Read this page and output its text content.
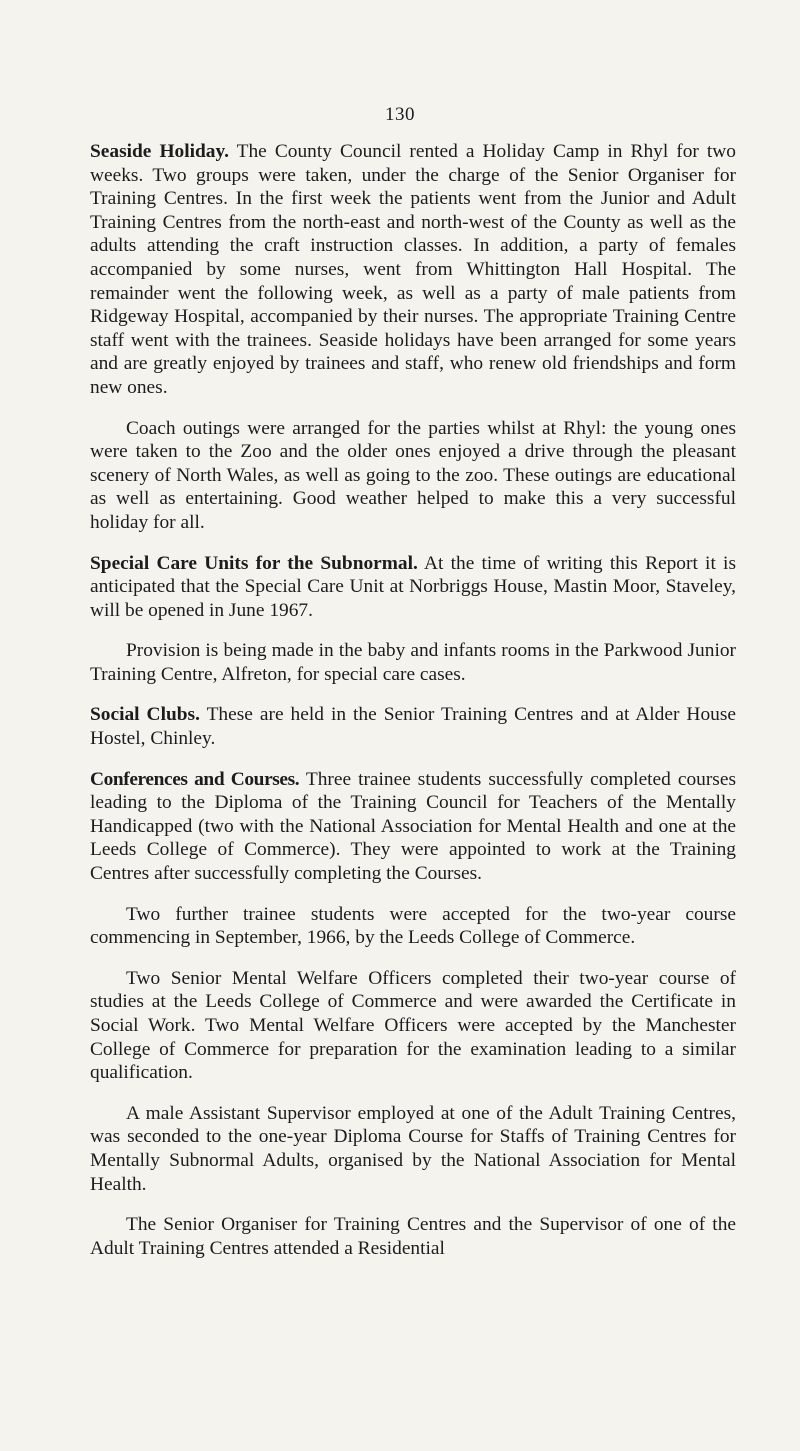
130

Seaside Holiday. The County Council rented a Holiday Camp in Rhyl for two weeks. Two groups were taken, under the charge of the Senior Organiser for Training Centres. In the first week the patients went from the Junior and Adult Training Centres from the north-east and north-west of the County as well as the adults attending the craft instruction classes. In addition, a party of females accompanied by some nurses, went from Whittington Hall Hospital. The remainder went the following week, as well as a party of male patients from Ridgeway Hospital, accompanied by their nurses. The appropriate Training Centre staff went with the trainees. Seaside holidays have been arranged for some years and are greatly enjoyed by trainees and staff, who renew old friendships and form new ones.

Coach outings were arranged for the parties whilst at Rhyl: the young ones were taken to the Zoo and the older ones enjoyed a drive through the pleasant scenery of North Wales, as well as going to the zoo. These outings are educational as well as entertaining. Good weather helped to make this a very successful holiday for all.

Special Care Units for the Subnormal. At the time of writing this Report it is anticipated that the Special Care Unit at Norbriggs House, Mastin Moor, Staveley, will be opened in June 1967.

Provision is being made in the baby and infants rooms in the Parkwood Junior Training Centre, Alfreton, for special care cases.

Social Clubs. These are held in the Senior Training Centres and at Alder House Hostel, Chinley.

Conferences and Courses. Three trainee students successfully completed courses leading to the Diploma of the Training Council for Teachers of the Mentally Handicapped (two with the National Association for Mental Health and one at the Leeds College of Commerce). They were appointed to work at the Training Centres after successfully completing the Courses.

Two further trainee students were accepted for the two-year course commencing in September, 1966, by the Leeds College of Commerce.

Two Senior Mental Welfare Officers completed their two-year course of studies at the Leeds College of Commerce and were awarded the Certificate in Social Work. Two Mental Welfare Officers were accepted by the Manchester College of Commerce for preparation for the examination leading to a similar qualification.

A male Assistant Supervisor employed at one of the Adult Training Centres, was seconded to the one-year Diploma Course for Staffs of Training Centres for Mentally Subnormal Adults, organised by the National Association for Mental Health.

The Senior Organiser for Training Centres and the Supervisor of one of the Adult Training Centres attended a Residential
